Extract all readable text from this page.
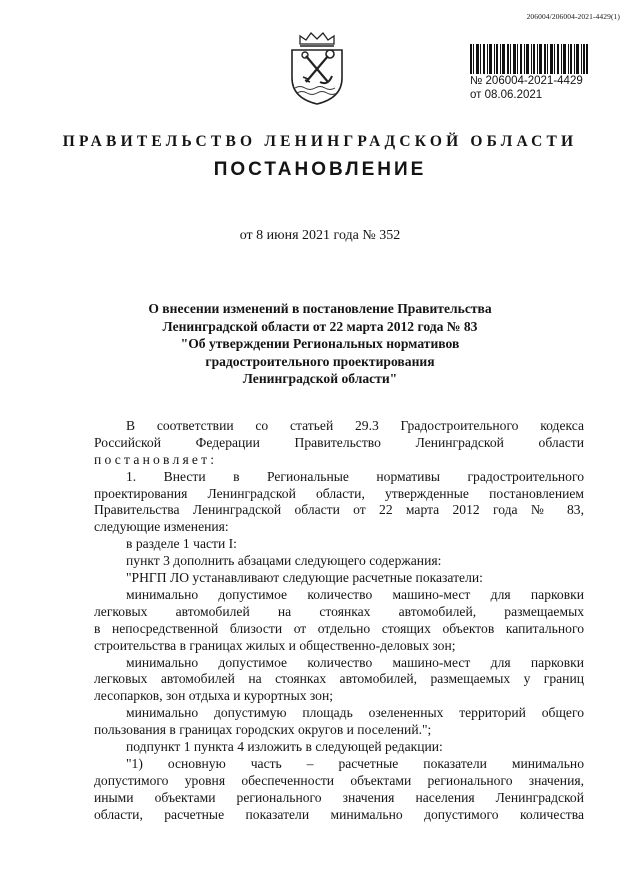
206004/206004-2021-4429(1)
№ 206004-2021-4429
от 08.06.2021
ПРАВИТЕЛЬСТВО ЛЕНИНГРАДСКОЙ ОБЛАСТИ
ПОСТАНОВЛЕНИЕ
от 8 июня 2021 года № 352
О внесении изменений в постановление Правительства
Ленинградской области от 22 марта 2012 года № 83
"Об утверждении Региональных нормативов
градостроительного проектирования
Ленинградской области"
В соответствии со статьей 29.3 Градостроительного кодекса
Российской Федерации Правительство Ленинградской области
постановляет:
1. Внести в Региональные нормативы градостроительного
проектирования Ленинградской области, утвержденные постановлением
Правительства Ленинградской области от 22 марта 2012 года № 83,
следующие изменения:
в разделе 1 части I:
пункт 3 дополнить абзацами следующего содержания:
"РНГП ЛО устанавливают следующие расчетные показатели:
минимально допустимое количество машино-мест для парковки
легковых автомобилей на стоянках автомобилей, размещаемых
в непосредственной близости от отдельно стоящих объектов капитального
строительства в границах жилых и общественно-деловых зон;
минимально допустимое количество машино-мест для парковки
легковых автомобилей на стоянках автомобилей, размещаемых у границ
лесопарков, зон отдыха и курортных зон;
минимально допустимую площадь озелененных территорий общего
пользования в границах городских округов и поселений.";
подпункт 1 пункта 4 изложить в следующей редакции:
"1) основную часть – расчетные показатели минимально
допустимого уровня обеспеченности объектами регионального значения,
иными объектами регионального значения населения Ленинградской
области, расчетные показатели минимально допустимого количества
